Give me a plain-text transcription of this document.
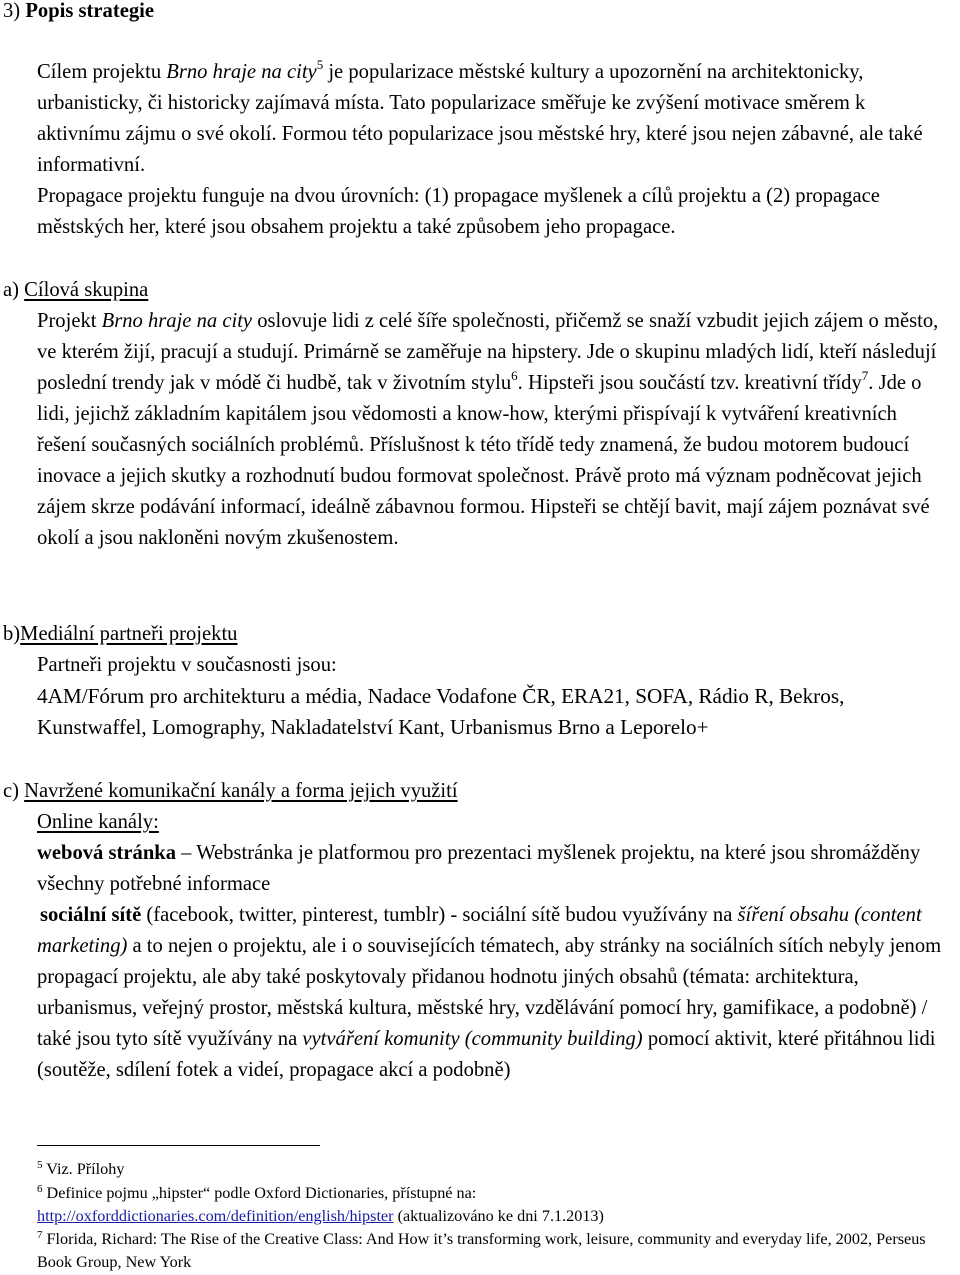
3) Popis strategie

Cílem projektu Brno hraje na city$^5$ je popularizace městské kultury a upozornění na architektonicky, urbanisticky, či historicky zajímavá místa. Tato popularizace směřuje ke zvýšení motivace směrem k aktivnímu zájmu o své okolí. Formou této popularizace jsou městské hry, které jsou nejen zábavné, ale také informativní.

Propagace projektu funguje na dvou úrovních: (1) propagace myšlenek a cílů projektu a (2) propagace městských her, které jsou obsahem projektu a také způsobem jeho propagace.

a) Cílová skupina

Projekt Brno hraje na city oslovuje lidi z celé šíře společnosti, přičemž se snaží vzbudit jejich zájem o město, ve kterém žijí, pracují a studují. Primárně se zaměřuje na hipstery. Jde o skupinu mladých lidí, kteří následují poslední trendy jak v módě či hudbě, tak v životním stylu$^6$. Hipsteři jsou součástí tzv. kreativní třídy$^7$. Jde o lidi, jejichž základním kapitálem jsou vědomosti a know-how, kterými přispívají k vytváření kreativních řešení současných sociálních problémů. Příslušnost k této třídě tedy znamená, že budou motorem budoucí inovace a jejich skutky a rozhodnutí budou formovat společnost. Právě proto má význam podněcovat jejich zájem skrze podávání informací, ideálně zábavnou formou. Hipsteři se chtějí bavit, mají zájem poznávat své okolí a jsou nakloněni novým zkušenostem.

b)Mediální partneři projektu

Partneři projektu v současnosti jsou:

4AM/Fórum pro architekturu a média, Nadace Vodafone ČR, ERA21, SOFA, Rádio R, Bekros, Kunstwaffel, Lomography, Nakladatelství Kant, Urbanismus Brno a Leporelo+

c) Navržené komunikační kanály a forma jejich využití

Online kanály:

webová stránka – Webstránka je platformou pro prezentaci myšlenek projektu, na které jsou shromážděny všechny potřebné informace

sociální sítě (facebook, twitter, pinterest, tumblr) - sociální sítě budou využívány na šíření obsahu (content marketing) a to nejen o projektu, ale i o souvisejících tématech, aby stránky na sociálních sítích nebyly jenom propagací projektu, ale aby také poskytovaly přidanou hodnotu jiných obsahů (témata: architektura, urbanismus, veřejný prostor, městská kultura, městské hry, vzdělávání pomocí hry, gamifikace, a podobně) / také jsou tyto sítě využívány na vytváření komunity (community building) pomocí aktivit, které přitáhnou lidi (soutěže, sdílení fotek a videí, propagace akcí a podobně)

$^5$ Viz. Přílohy

$^6$ Definice pojmu „hipster“ podle Oxford Dictionaries, přístupné na:
http://oxforddictionaries.com/definition/english/hipster (aktualizováno ke dni 7.1.2013)

$^7$ Florida, Richard: The Rise of the Creative Class: And How it’s transforming work, leisure, community and everyday life, 2002, Perseus Book Group, New York
